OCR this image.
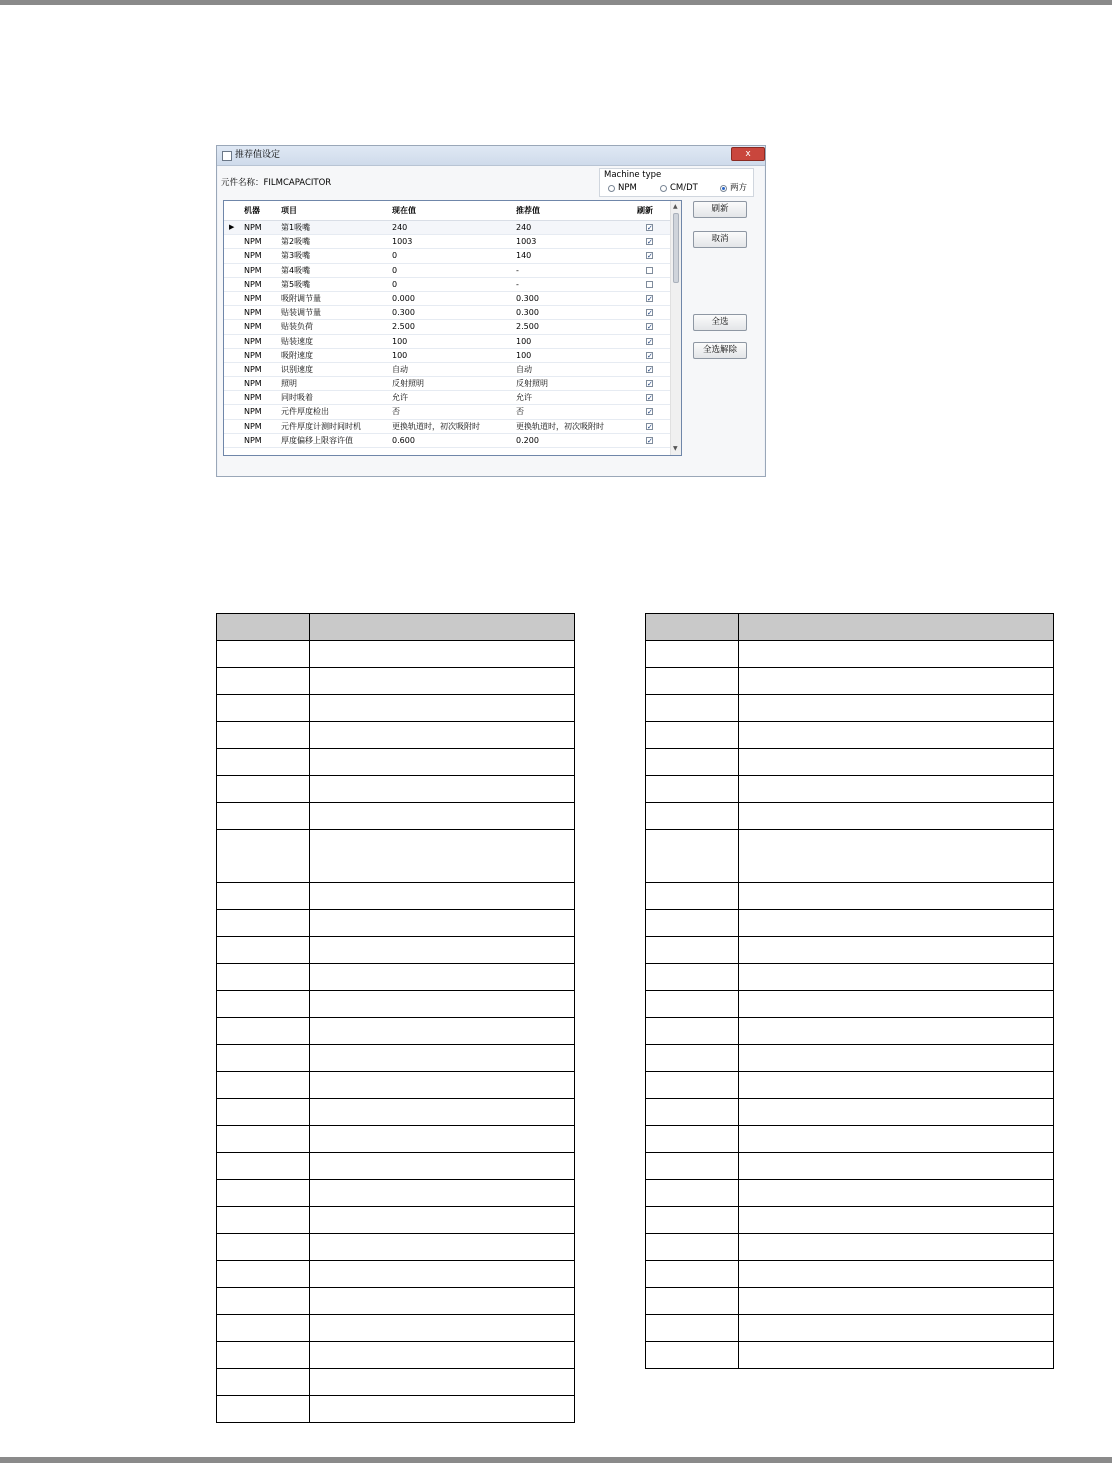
推荐值设定	x
元件名称：FILMCAPACITOR
Machine type
NPM	CM/DT	两方
机器	项目	现在值	推荐值	刷新
▶ NPM 第1吸嘴	240	240	✓
NPM 第2吸嘴	1003	1003	✓
NPM 第3吸嘴	0	140	✓
NPM 第4吸嘴	0	-
NPM 第5吸嘴	0	-
NPM 吸附调节量	0.000	0.300	✓
NPM 贴装调节量	0.300	0.300	✓
NPM 贴装负荷	2.500	2.500	✓
NPM 贴装速度	100	100	✓
NPM 吸附速度	100	100	✓
NPM 识别速度	自动	自动	✓
NPM 照明	反射照明	反射照明	✓
NPM 同时吸着	允许	允许	✓
NPM 元件厚度检出	否	否	✓
NPM 元件厚度计测时间时机	更换轨道时，初次吸附时	更换轨道时，初次吸附时	✓
NPM 厚度偏移上限容许值	0.600	0.200	✓
▲
▼
刷新
取消
全选
全选解除
